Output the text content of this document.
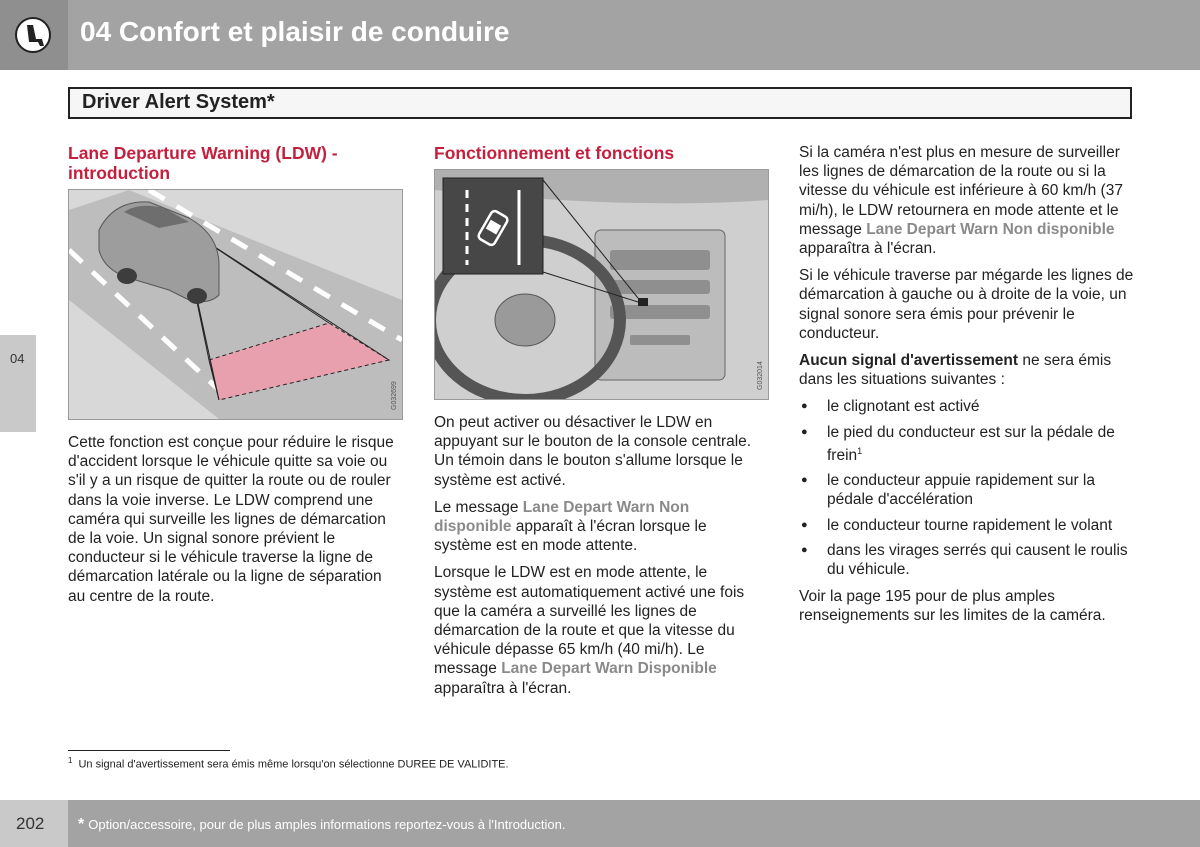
04 Confort et plaisir de conduire
Driver Alert System*
04
Lane Departure Warning (LDW) - introduction
G032699

Cette fonction est conçue pour réduire le risque d'accident lorsque le véhicule quitte sa voie ou s'il y a un risque de quitter la route ou de rouler dans la voie inverse. Le LDW comprend une caméra qui surveille les lignes de démarcation de la voie. Un signal sonore prévient le conducteur si le véhicule traverse la ligne de démarcation latérale ou la ligne de séparation au centre de la route.

Fonctionnement et fonctions
G032014

On peut activer ou désactiver le LDW en appuyant sur le bouton de la console centrale. Un témoin dans le bouton s'allume lorsque le système est activé.

Le message Lane Depart Warn Non disponible apparaît à l'écran lorsque le système est en mode attente.

Lorsque le LDW est en mode attente, le système est automatiquement activé une fois que la caméra a surveillé les lignes de démarcation de la route et que la vitesse du véhicule dépasse 65 km/h (40 mi/h). Le message Lane Depart Warn Disponible apparaîtra à l'écran.

Si la caméra n'est plus en mesure de surveiller les lignes de démarcation de la route ou si la vitesse du véhicule est inférieure à 60 km/h (37 mi/h), le LDW retournera en mode attente et le message Lane Depart Warn Non disponible apparaîtra à l'écran.

Si le véhicule traverse par mégarde les lignes de démarcation à gauche ou à droite de la voie, un signal sonore sera émis pour prévenir le conducteur.

Aucun signal d'avertissement ne sera émis dans les situations suivantes :

● le clignotant est activé
● le pied du conducteur est sur la pédale de frein$^1$
● le conducteur appuie rapidement sur la pédale d'accélération
● le conducteur tourne rapidement le volant
● dans les virages serrés qui causent le roulis du véhicule.

Voir la page 195 pour de plus amples renseignements sur les limites de la caméra.

$^1$ Un signal d'avertissement sera émis même lorsqu'on sélectionne DUREE DE VALIDITE.
* Option/accessoire, pour de plus amples informations reportez-vous à l'Introduction.
202
